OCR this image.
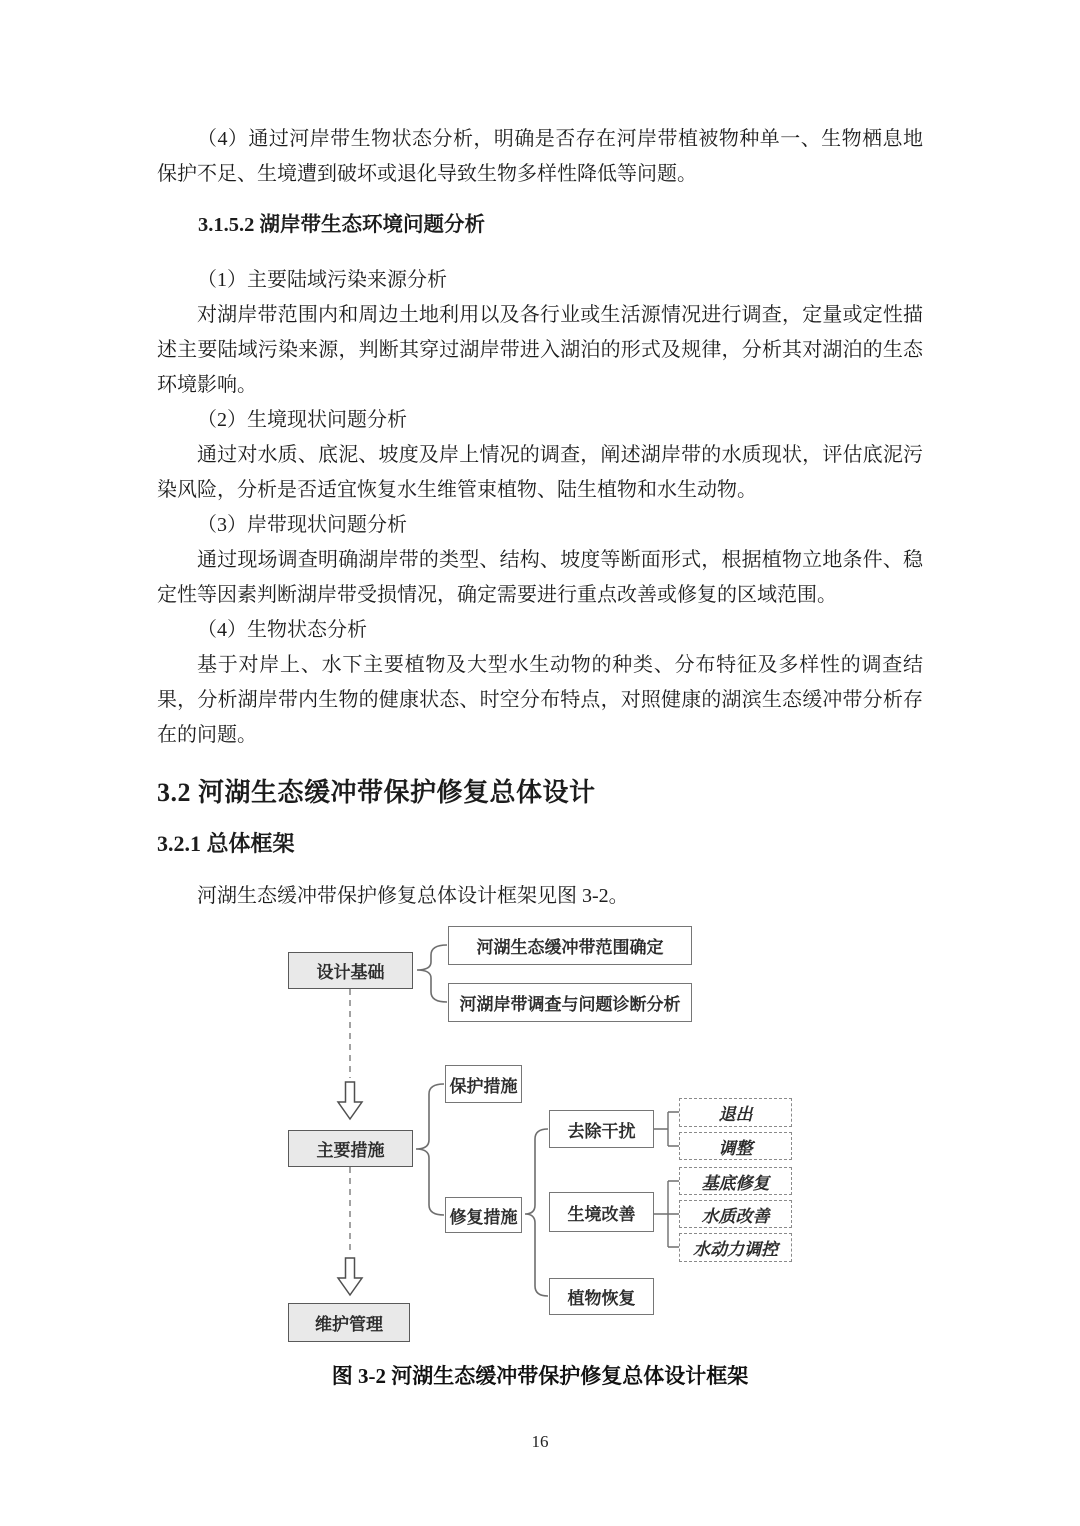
（4）通过河岸带生物状态分析，明确是否存在河岸带植被物种单一、生物栖息地保护不足、生境遭到破坏或退化导致生物多样性降低等问题。

3.1.5.2 湖岸带生态环境问题分析

（1）主要陆域污染来源分析

对湖岸带范围内和周边土地利用以及各行业或生活源情况进行调查，定量或定性描述主要陆域污染来源，判断其穿过湖岸带进入湖泊的形式及规律，分析其对湖泊的生态环境影响。

（2）生境现状问题分析

通过对水质、底泥、坡度及岸上情况的调查，阐述湖岸带的水质现状，评估底泥污染风险，分析是否适宜恢复水生维管束植物、陆生植物和水生动物。

（3）岸带现状问题分析

通过现场调查明确湖岸带的类型、结构、坡度等断面形式，根据植物立地条件、稳定性等因素判断湖岸带受损情况，确定需要进行重点改善或修复的区域范围。

（4）生物状态分析

基于对岸上、水下主要植物及大型水生动物的种类、分布特征及多样性的调查结果，分析湖岸带内生物的健康状态、时空分布特点，对照健康的湖滨生态缓冲带分析存在的问题。

3.2 河湖生态缓冲带保护修复总体设计

3.2.1 总体框架

河湖生态缓冲带保护修复总体设计框架见图 3-2。

设计基础
河湖生态缓冲带范围确定
河湖岸带调查与问题诊断分析
主要措施
保护措施
修复措施
去除干扰
生境改善
植物恢复
退出
调整
基底修复
水质改善
水动力调控
维护管理
图 3-2 河湖生态缓冲带保护修复总体设计框架
16
